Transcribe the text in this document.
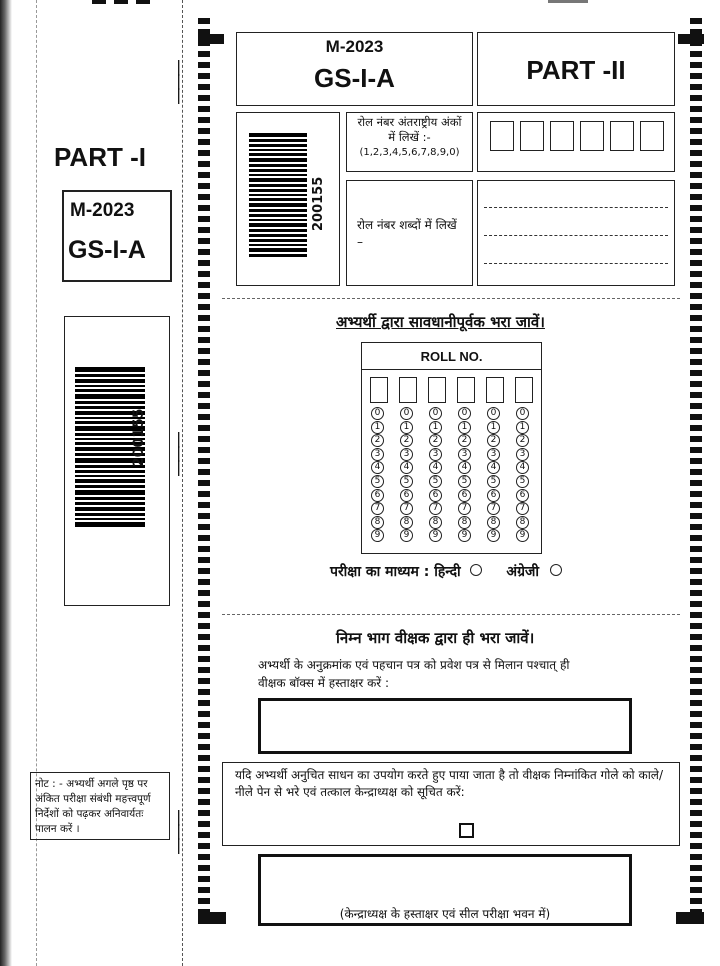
PART -I
M-2023
GS-I-A
200155
नोट : - अभ्यर्थी अगले पृष्ठ पर अंकित परीक्षा संबंधी महत्त्वपूर्ण निर्देशों को पढ़कर अनिवार्यतः पालन करें ।
|
|
|
|
|
|
|
|
|
M-2023
GS-I-A	PART -II
200155
रोल नंबर अंतराष्ट्रीय अंकों में लिखें :-
(1,2,3,4,5,6,7,8,9,0)
रोल नंबर शब्दों में लिखें –
अभ्यर्थी द्वारा सावधानीपूर्वक भरा जावें।
ROLL NO.
0
1
2
3
4
5
6
7
8
9
0
1
2
3
4
5
6
7
8
9
0
1
2
3
4
5
6
7
8
9
0
1
2
3
4
5
6
7
8
9
0
1
2
3
4
5
6
7
8
9
0
1
2
3
4
5
6
7
8
9
परीक्षा का माध्यम : हिन्दी	अंग्रेजी
निम्न भाग वीक्षक द्वारा ही भरा जावें।
अभ्यर्थी के अनुक्रमांक एवं पहचान पत्र को प्रवेश पत्र से मिलान पश्चात् ही वीक्षक बॉक्स में हस्ताक्षर करें :
यदि अभ्यर्थी अनुचित साधन का उपयोग करते हुए पाया जाता है तो वीक्षक निम्नांकित गोले को काले/नीले पेन से भरे एवं तत्काल केन्द्राध्यक्ष को सूचित करें:
(केन्द्राध्यक्ष के हस्ताक्षर एवं सील परीक्षा भवन में)
